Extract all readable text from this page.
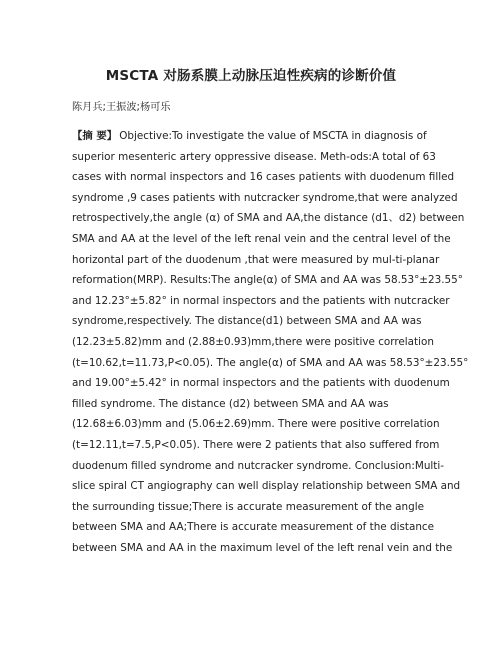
MSCTA 对肠系膜上动脉压迫性疾病的诊断价值
陈月兵;王振波;杨可乐
【摘 要】 Objective:To investigate the value of MSCTA in diagnosis of
superior mesenteric artery oppressive disease. Meth-ods:A total of 63
cases with normal inspectors and 16 cases patients with duodenum filled
syndrome ,9 cases patients with nutcracker syndrome,that were analyzed
retrospectively,the angle (α) of SMA and AA,the distance (d1、d2) between
SMA and AA at the level of the left renal vein and the central level of the
horizontal part of the duodenum ,that were measured by mul-ti-planar
reformation(MRP). Results:The angle(α) of SMA and AA was 58.53°±23.55°
and 12.23°±5.82° in normal inspectors and the patients with nutcracker
syndrome,respectively. The distance(d1) between SMA and AA was
(12.23±5.82)mm and (2.88±0.93)mm,there were positive correlation
(t=10.62,t=11.73,P<0.05). The angle(α) of SMA and AA was 58.53°±23.55°
and 19.00°±5.42° in normal inspectors and the patients with duodenum
filled syndrome. The distance (d2) between SMA and AA was
(12.68±6.03)mm and (5.06±2.69)mm. There were positive correlation
(t=12.11,t=7.5,P<0.05). There were 2 patients that also suffered from
duodenum filled syndrome and nutcracker syndrome. Conclusion:Multi-
slice spiral CT angiography can well display relationship between SMA and
the surrounding tissue;There is accurate measurement of the angle
between SMA and AA;There is accurate measurement of the distance
between SMA and AA in the maximum level of the left renal vein and the
